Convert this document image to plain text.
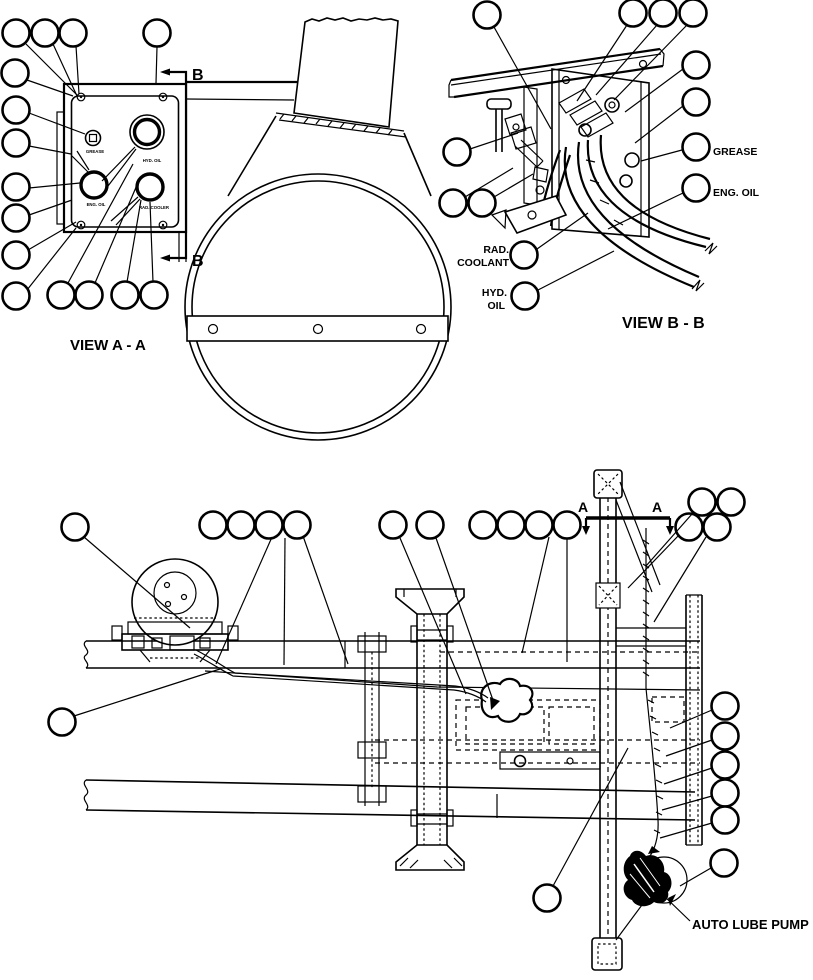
B
B
GREASE
HYD. OIL
ENG. OIL
RAD. COOLER
VIEW A - A
GREASE
ENG. OIL
RAD.
COOLANT
HYD.
OIL
VIEW B - B
A	A
AUTO LUBE PUMP
